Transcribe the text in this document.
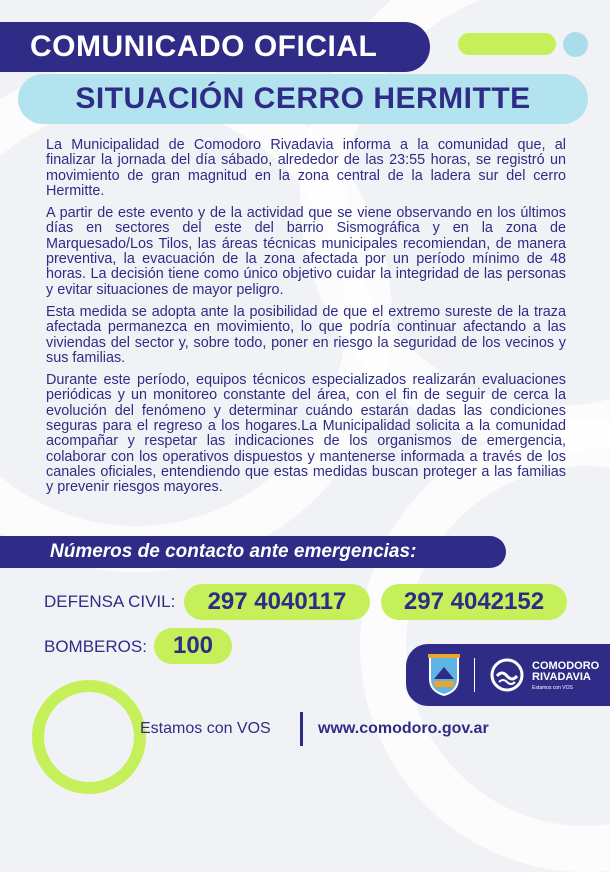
COMUNICADO OFICIAL
SITUACIÓN CERRO HERMITTE

La Municipalidad de Comodoro Rivadavia informa a la comunidad que, al finalizar la jornada del día sábado, alrededor de las 23:55 horas, se registró un movimiento de gran magnitud en la zona central de la ladera sur del cerro Hermitte.

A partir de este evento y de la actividad que se viene observando en los últimos días en sectores del este del barrio Sismográfica y en la zona de Marquesado/Los Tilos, las áreas técnicas municipales recomiendan, de manera preventiva, la evacuación de la zona afectada por un período mínimo de 48 horas. La decisión tiene como único objetivo cuidar la integridad de las personas y evitar situaciones de mayor peligro.

Esta medida se adopta ante la posibilidad de que el extremo sureste de la traza afectada permanezca en movimiento, lo que podría continuar afectando a las viviendas del sector y, sobre todo, poner en riesgo la seguridad de los vecinos y sus familias.

Durante este período, equipos técnicos especializados realizarán evaluaciones periódicas y un monitoreo constante del área, con el fin de seguir de cerca la evolución del fenómeno y determinar cuándo estarán dadas las condiciones seguras para el regreso a los hogares.La Municipalidad solicita a la comunidad acompañar y respetar las indicaciones de los organismos de emergencia, colaborar con los operativos dispuestos y mantenerse informada a través de los canales oficiales, entendiendo que estas medidas buscan proteger a las familias y prevenir riesgos mayores.

Números de contacto ante emergencias:
DEFENSA CIVIL:	297 4040117	297 4042152
BOMBEROS:	100
COMODORO
RIVADAVIA
Estamos con VOS
Estamos con VOS	www.comodoro.gov.ar
